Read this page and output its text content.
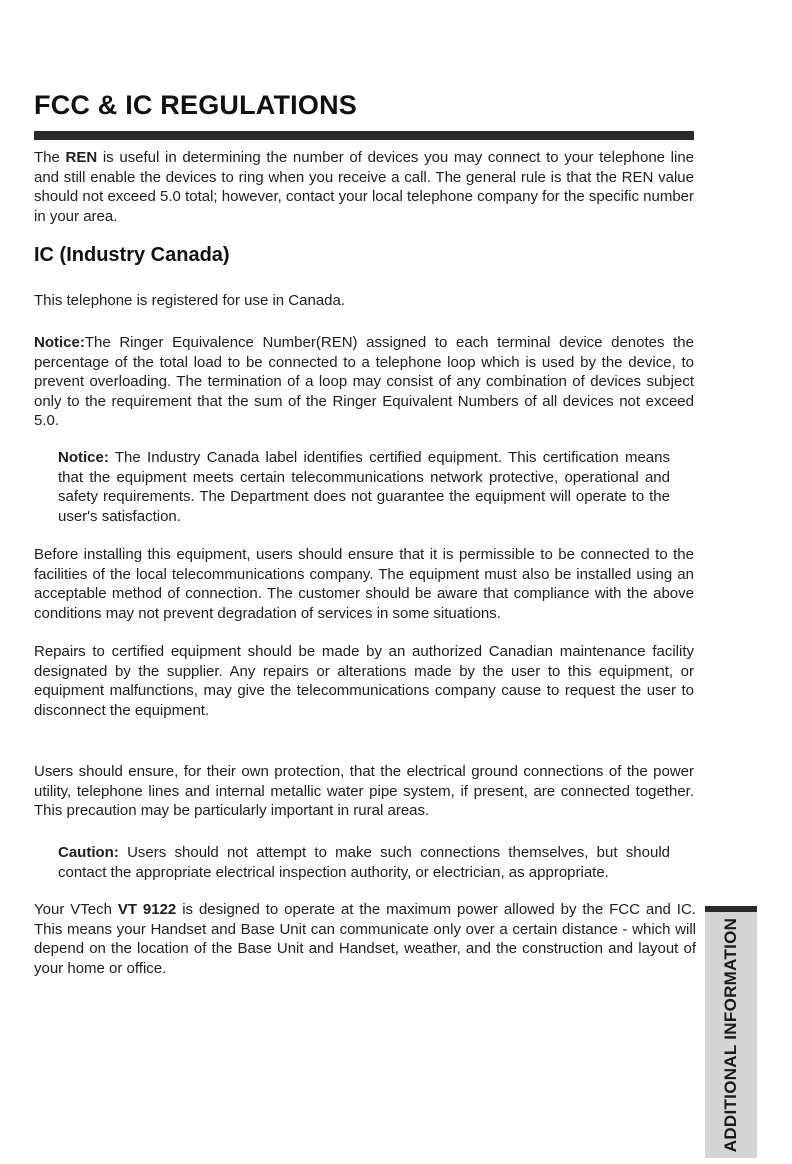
FCC & IC REGULATIONS

The REN is useful in determining the number of devices you may connect to your telephone line and still enable the devices to ring when you receive a call. The general rule is that the REN value should not exceed 5.0 total; however, contact your local telephone company for the specific number in your area.

IC (Industry Canada)

This telephone is registered for use in Canada.

Notice:The Ringer Equivalence Number(REN) assigned to each terminal device denotes the percentage of the total load to be connected to a telephone loop which is used by the device, to prevent overloading. The termination of a loop may consist of any combination of devices subject only to the requirement that the sum of the Ringer Equivalent Numbers of all devices not exceed 5.0.

Notice: The Industry Canada label identifies certified equipment. This certification means that the equipment meets certain telecommunications network protective, operational and safety requirements. The Department does not guarantee the equipment will operate to the user's satisfaction.

Before installing this equipment, users should ensure that it is permissible to be connected to the facilities of the local telecommunications company. The equipment must also be installed using an acceptable method of connection. The customer should be aware that compliance with the above conditions may not prevent degradation of services in some situations.

Repairs to certified equipment should be made by an authorized Canadian maintenance facility designated by the supplier. Any repairs or alterations made by the user to this equipment, or equipment malfunctions, may give the telecommunications company cause to request the user to disconnect the equipment.

Users should ensure, for their own protection, that the electrical ground connections of the power utility, telephone lines and internal metallic water pipe system, if present, are connected together. This precaution may be particularly important in rural areas.

Caution: Users should not attempt to make such connections themselves, but should contact the appropriate electrical inspection authority, or electrician, as appropriate.

Your VTech VT 9122 is designed to operate at the maximum power allowed by the FCC and IC. This means your Handset and Base Unit can communicate only over a certain distance - which will depend on the location of the Base Unit and Handset, weather, and the construction and layout of your home or office.	ADDITIONAL INFORMATION
